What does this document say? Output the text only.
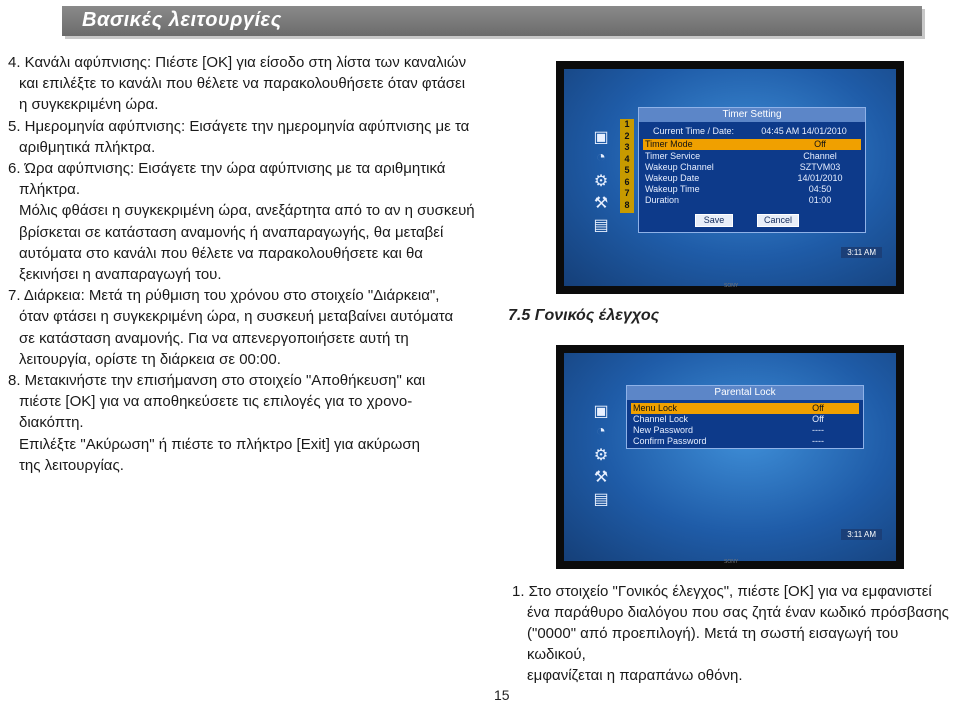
Βασικές λειτουργίες

4. Κανάλι αφύπνισης: Πιέστε [OK] για είσοδο στη λίστα των καναλιών

και επιλέξτε το κανάλι που θέλετε να παρακολουθήσετε όταν φτάσει

η συγκεκριμένη ώρα.

5. Ημερομηνία αφύπνισης: Εισάγετε την ημερομηνία αφύπνισης με τα

αριθμητικά πλήκτρα.

6. Ώρα αφύπνισης: Εισάγετε την ώρα αφύπνισης με τα αριθμητικά

πλήκτρα.

Μόλις φθάσει η συγκεκριμένη ώρα, ανεξάρτητα από το αν η συσκευή

βρίσκεται σε κατάσταση αναμονής ή αναπαραγωγής, θα μεταβεί

αυτόματα στο κανάλι που θέλετε να παρακολουθήσετε και θα

ξεκινήσει η αναπαραγωγή του.

7. Διάρκεια: Μετά τη ρύθμιση του χρόνου στο στοιχείο "Διάρκεια",

όταν φτάσει η συγκεκριμένη ώρα, η συσκευή μεταβαίνει αυτόματα

σε κατάσταση αναμονής. Για να απενεργοποιήσετε αυτή τη

λειτουργία, ορίστε τη διάρκεια σε 00:00.

8. Μετακινήστε την επισήμανση στο στοιχείο "Αποθήκευση" και

πιέστε [OK] για να αποθηκεύσετε τις επιλογές για το χρονο-

διακόπτη.

Επιλέξτε "Ακύρωση" ή πιέστε το πλήκτρο [Exit] για ακύρωση

της λειτουργίας.

▣
◔
⚙
⚒
▤
1
2
3
4
5
6
7
8
Timer Setting
Current Time / Date:	04:45 AM 14/01/2010
Timer Mode	Off
Timer Service	Channel
Wakeup Channel	SZTVM03
Wakeup Date	14/01/2010
Wakeup Time	04:50
Duration	01:00
Save	Cancel
3:11 AM
SONY
7.5 Γονικός έλεγχος
▣
◔
⚙
⚒
▤
Parental Lock
Menu Lock	Off
Channel Lock	Off
New Password	----
Confirm Password	----
3:11 AM
SONY

1. Στο στοιχείο "Γονικός έλεγχος", πιέστε [OK] για να εμφανιστεί

ένα παράθυρο διαλόγου που σας ζητά έναν κωδικό πρόσβασης

("0000" από προεπιλογή). Μετά τη σωστή εισαγωγή του κωδικού,

εμφανίζεται η παραπάνω οθόνη.

15
